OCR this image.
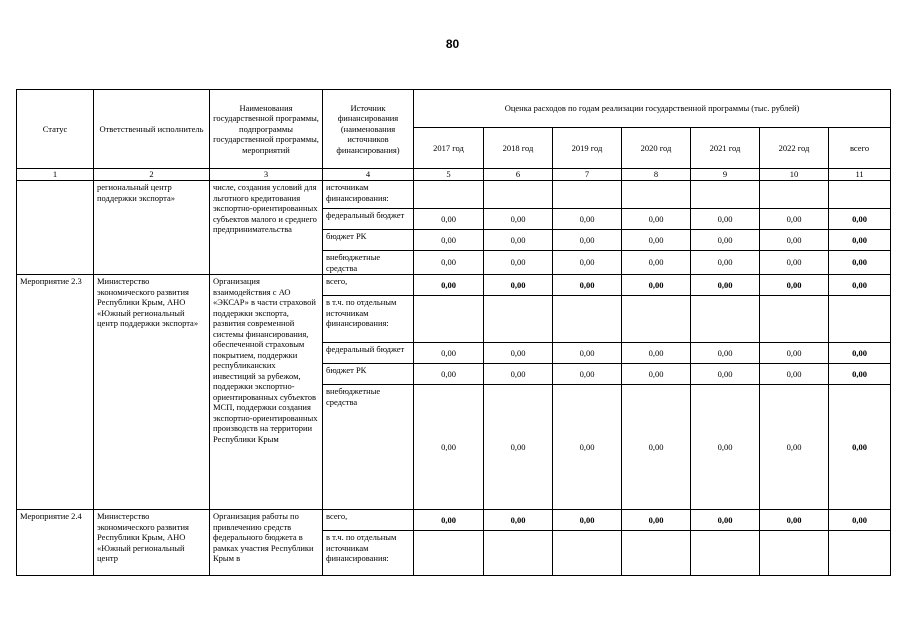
80
Статус	Ответственный исполнитель	Наименования государственной программы, подпрограммы государственной программы, мероприятий	Источник финансирования (наименования источников финансирования)	Оценка расходов по годам реализации государственной программы (тыс. рублей)						
				2017 год	2018 год	2019 год	2020 год	2021 год	2022 год	всего
1	2	3	4	5	6	7	8	9	10	11
	региональный центр поддержки экспорта»	числе, создания условий для льготного кредитования экспортно-ориентированных субъектов малого и среднего предпринимательства	источникам финансирования:							
			федеральный бюджет	0,00	0,00	0,00	0,00	0,00	0,00	0,00
			бюджет РК	0,00	0,00	0,00	0,00	0,00	0,00	0,00
			внебюджетные средства	0,00	0,00	0,00	0,00	0,00	0,00	0,00
Мероприятие 2.3	Министерство экономического развития Республики Крым, АНО «Южный региональный центр поддержки экспорта»	Организация взаимодействия с АО «ЭКСАР» в части страховой поддержки экспорта, развития современной системы финансирования, обеспеченной страховым покрытием, поддержки республиканских инвестиций за рубежом, поддержки экспортно-ориентированных субъектов МСП, поддержки создания экспортно-ориентированных производств на территории Республики Крым	всего,	0,00	0,00	0,00	0,00	0,00	0,00	0,00
			в т.ч. по отдельным источникам финансирования:							
			федеральный бюджет	0,00	0,00	0,00	0,00	0,00	0,00	0,00
			бюджет РК	0,00	0,00	0,00	0,00	0,00	0,00	0,00
			внебюджетные средства	0,00	0,00	0,00	0,00	0,00	0,00	0,00
Мероприятие 2.4	Министерство экономического развития Республики Крым, АНО «Южный региональный центр	Организация работы по привлечению средств федерального бюджета в рамках участия Республики Крым в	всего,	0,00	0,00	0,00	0,00	0,00	0,00	0,00
			в т.ч. по отдельным источникам финансирования:							
